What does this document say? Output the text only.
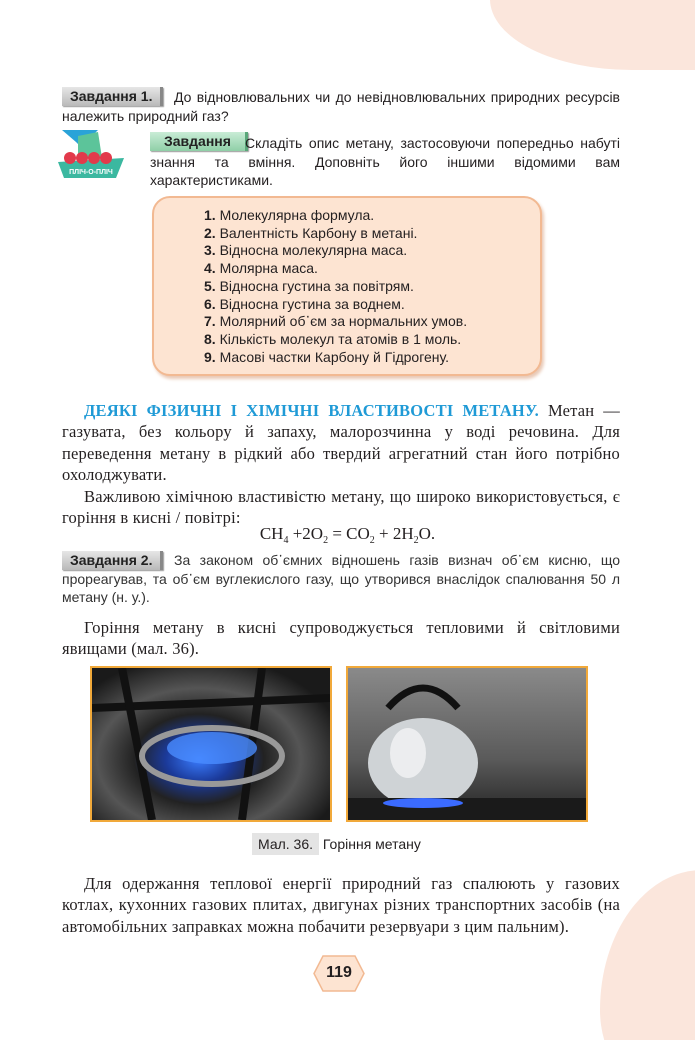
Завдання 1.	До відновлювальних чи до невідновлювальних природних ресурсів належить природний газ?
ПЛІЧ-О-ПЛІЧ
Завдання	Складіть опис метану, застосовуючи попередньо набуті знання та вміння. Доповніть його іншими відомими вам характеристиками.
1. Молекулярна формула.
2. Валентність Карбону в метані.
3. Відносна молекулярна маса.
4. Молярна маса.
5. Відносна густина за повітрям.
6. Відносна густина за воднем.
7. Молярний об᾽єм за нормальних умов.
8. Кількість молекул та атомів в 1 моль.
9. Масові частки Карбону й Гідрогену.
ДЕЯКІ ФІЗИЧНІ І ХІМІЧНІ ВЛАСТИВОСТІ МЕТАНУ. Метан — газувата, без кольору й запаху, малорозчинна у воді речовина. Для переведення метану в рідкий або твердий агрегатний стан його потрібно охолоджувати.
Важливою хімічною властивістю метану, що широко використовується, є горіння в кисні / повітрі:
$CH_4 +2O_2 = CO_2 + 2H_2O$.
Завдання 2.	За законом об᾽ємних відношень газів визнач об᾽єм кисню, що прореагував, та об᾽єм вуглекислого газу, що утворився внаслідок спалювання 50 л метану (н. у.).
Горіння метану в кисні супроводжується тепловими й світловими явищами (мал. 36).
Мал. 36. Горіння метану
Для одержання теплової енергії природний газ спалюють у газових котлах, кухонних газових плитах, двигунах різних транспортних засобів (на автомобільних заправках можна побачити резервуари з цим пальним).
119
